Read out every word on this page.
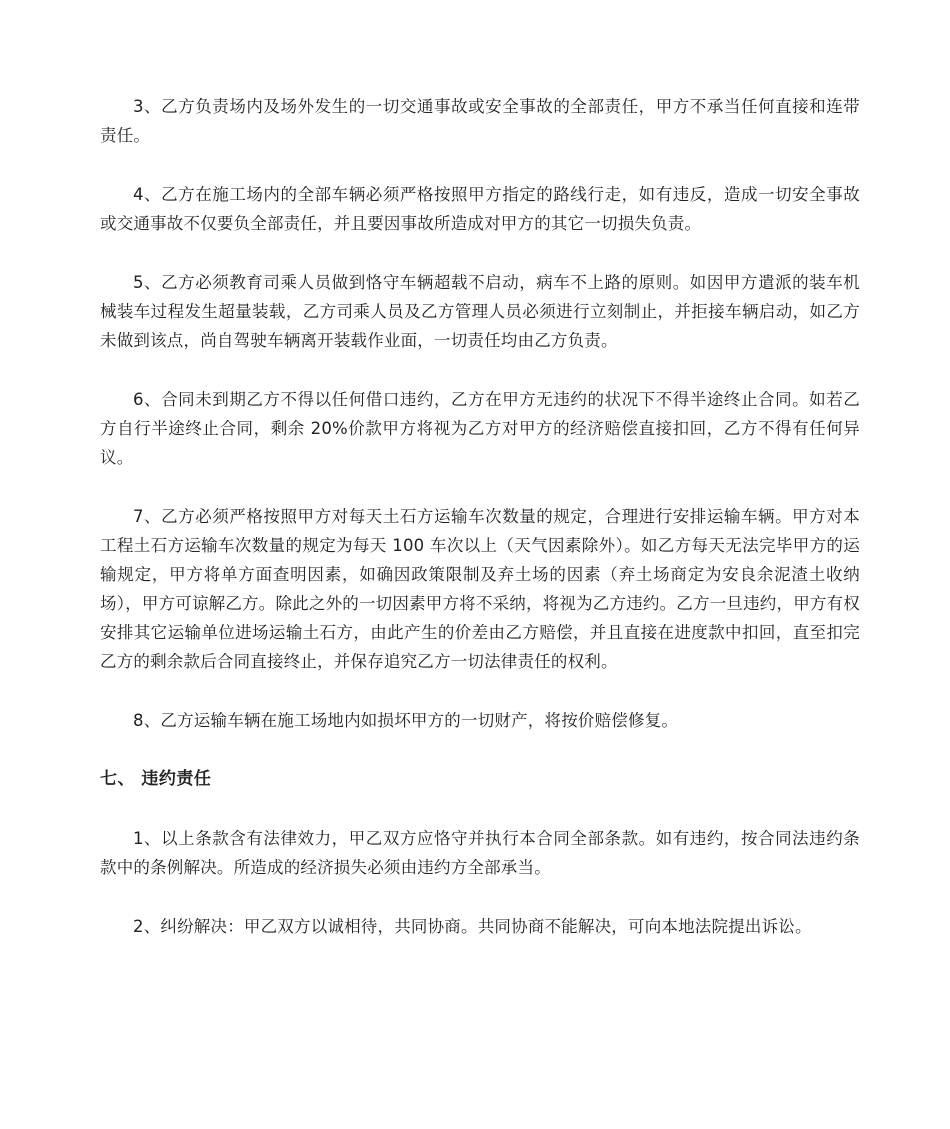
3、乙方负责场内及场外发生的一切交通事故或安全事故的全部责任，甲方不承当任何直接和连带责任。

4、乙方在施工场内的全部车辆必须严格按照甲方指定的路线行走，如有违反，造成一切安全事故或交通事故不仅要负全部责任，并且要因事故所造成对甲方的其它一切损失负责。

5、乙方必须教育司乘人员做到恪守车辆超载不启动，病车不上路的原则。如因甲方遣派的装车机械装车过程发生超量装载，乙方司乘人员及乙方管理人员必须进行立刻制止，并拒接车辆启动，如乙方未做到该点，尚自驾驶车辆离开装载作业面，一切责任均由乙方负责。

6、合同未到期乙方不得以任何借口违约，乙方在甲方无违约的状况下不得半途终止合同。如若乙方自行半途终止合同，剩余 20%价款甲方将视为乙方对甲方的经济赔偿直接扣回，乙方不得有任何异议。

7、乙方必须严格按照甲方对每天土石方运输车次数量的规定，合理进行安排运输车辆。甲方对本工程土石方运输车次数量的规定为每天 100 车次以上（天气因素除外）。如乙方每天无法完毕甲方的运输规定，甲方将单方面查明因素，如确因政策限制及弃土场的因素（弃土场商定为安良余泥渣土收纳场），甲方可谅解乙方。除此之外的一切因素甲方将不采纳，将视为乙方违约。乙方一旦违约，甲方有权安排其它运输单位进场运输土石方，由此产生的价差由乙方赔偿，并且直接在进度款中扣回，直至扣完乙方的剩余款后合同直接终止，并保存追究乙方一切法律责任的权利。

8、乙方运输车辆在施工场地内如损坏甲方的一切财产，将按价赔偿修复。

七、 违约责任

1、以上条款含有法律效力，甲乙双方应恪守并执行本合同全部条款。如有违约，按合同法违约条款中的条例解决。所造成的经济损失必须由违约方全部承当。

2、纠纷解决：甲乙双方以诚相待，共同协商。共同协商不能解决，可向本地法院提出诉讼。
